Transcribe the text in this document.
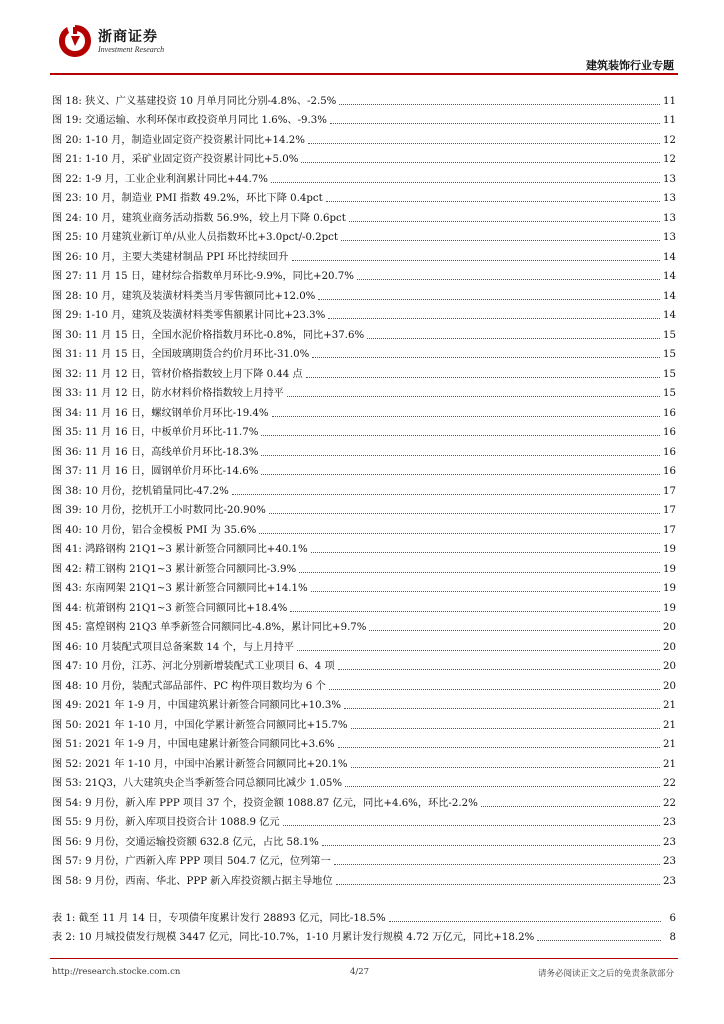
浙商证券
Investment Research
建筑装饰行业专题
图 18: 狭义、广义基建投资 10 月单月同比分别-4.8%、-2.5%	11
图 19: 交通运输、水利环保市政投资单月同比 1.6%、-9.3%	11
图 20: 1-10 月，制造业固定资产投资累计同比+14.2%	12
图 21: 1-10 月，采矿业固定资产投资累计同比+5.0%	12
图 22: 1-9 月，工业企业利润累计同比+44.7%	13
图 23: 10 月，制造业 PMI 指数 49.2%，环比下降 0.4pct	13
图 24: 10 月，建筑业商务活动指数 56.9%，较上月下降 0.6pct	13
图 25: 10 月建筑业新订单/从业人员指数环比+3.0pct/-0.2pct	13
图 26: 10 月，主要大类建材制品 PPI 环比持续回升	14
图 27: 11 月 15 日，建材综合指数单月环比-9.9%，同比+20.7%	14
图 28: 10 月，建筑及装潢材料类当月零售额同比+12.0%	14
图 29: 1-10 月，建筑及装潢材料类零售额累计同比+23.3%	14
图 30: 11 月 15 日，全国水泥价格指数月环比-0.8%，同比+37.6%	15
图 31: 11 月 15 日，全国玻璃期货合约价月环比-31.0%	15
图 32: 11 月 12 日，管材价格指数较上月下降 0.44 点	15
图 33: 11 月 12 日，防水材料价格指数较上月持平	15
图 34: 11 月 16 日，螺纹钢单价月环比-19.4%	16
图 35: 11 月 16 日，中板单价月环比-11.7%	16
图 36: 11 月 16 日，高线单价月环比-18.3%	16
图 37: 11 月 16 日，圆钢单价月环比-14.6%	16
图 38: 10 月份，挖机销量同比-47.2%	17
图 39: 10 月份，挖机开工小时数同比-20.90%	17
图 40: 10 月份，铝合金模板 PMI 为 35.6%	17
图 41: 鸿路钢构 21Q1~3 累计新签合同额同比+40.1%	19
图 42: 精工钢构 21Q1~3 累计新签合同额同比-3.9%	19
图 43: 东南网架 21Q1~3 累计新签合同额同比+14.1%	19
图 44: 杭萧钢构 21Q1~3 新签合同额同比+18.4%	19
图 45: 富煌钢构 21Q3 单季新签合同额同比-4.8%，累计同比+9.7%	20
图 46: 10 月装配式项目总备案数 14 个，与上月持平	20
图 47: 10 月份，江苏、河北分别新增装配式工业项目 6、4 项	20
图 48: 10 月份，装配式部品部件、PC 构件项目数均为 6 个	20
图 49: 2021 年 1-9 月，中国建筑累计新签合同额同比+10.3%	21
图 50: 2021 年 1-10 月，中国化学累计新签合同额同比+15.7%	21
图 51: 2021 年 1-9 月，中国电建累计新签合同额同比+3.6%	21
图 52: 2021 年 1-10 月，中国中冶累计新签合同额同比+20.1%	21
图 53: 21Q3，八大建筑央企当季新签合同总额同比减少 1.05%	22
图 54: 9 月份，新入库 PPP 项目 37 个，投资金额 1088.87 亿元，同比+4.6%，环比-2.2%	22
图 55: 9 月份，新入库项目投资合计 1088.9 亿元	23
图 56: 9 月份，交通运输投资额 632.8 亿元，占比 58.1%	23
图 57: 9 月份，广西新入库 PPP 项目 504.7 亿元，位列第一	23
图 58: 9 月份，西南、华北、PPP 新入库投资额占据主导地位	23
表 1: 截至 11 月 14 日，专项债年度累计发行 28893 亿元，同比-18.5%	6
表 2: 10 月城投债发行规模 3447 亿元，同比-10.7%，1-10 月累计发行规模 4.72 万亿元，同比+18.2%	8
http://research.stocke.com.cn	4/27	请务必阅读正文之后的免责条款部分
